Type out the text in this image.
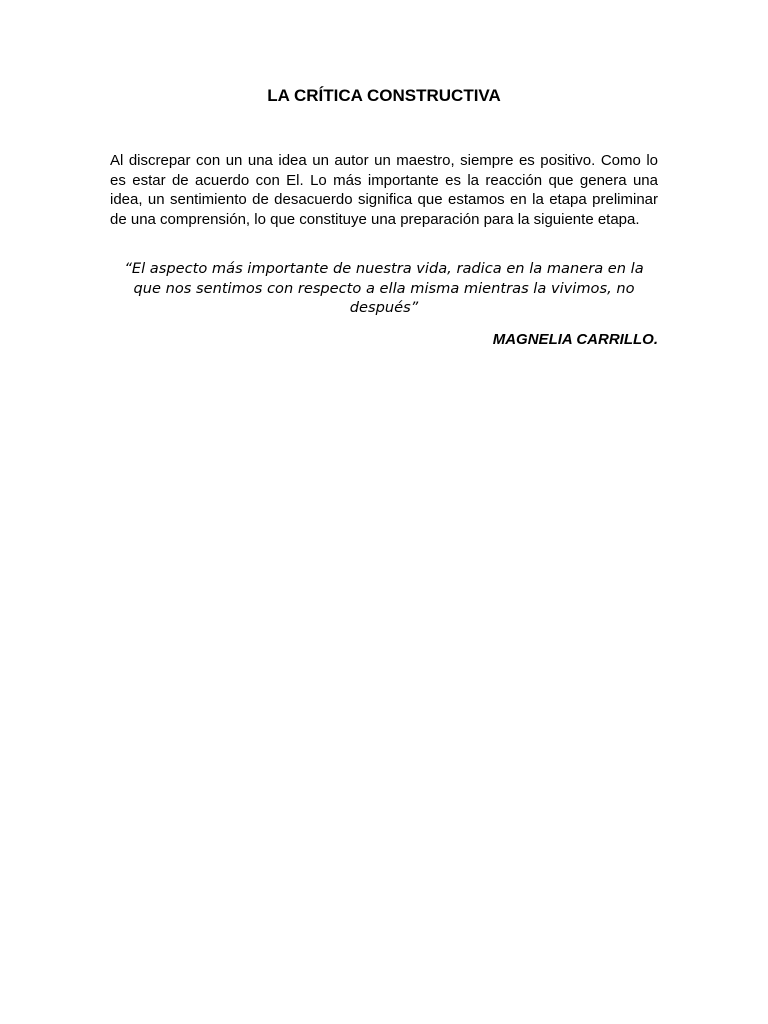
LA CRÍTICA CONSTRUCTIVA

Al discrepar con un una idea un autor un maestro, siempre es positivo. Como lo es estar de acuerdo con El. Lo más importante es la reacción que genera una idea, un sentimiento de desacuerdo significa que estamos en la etapa preliminar de una comprensión, lo que constituye una preparación para la siguiente etapa.

“El aspecto más importante de nuestra vida, radica en la manera en la que nos sentimos con respecto a ella misma mientras la vivimos, no después”

MAGNELIA CARRILLO.
